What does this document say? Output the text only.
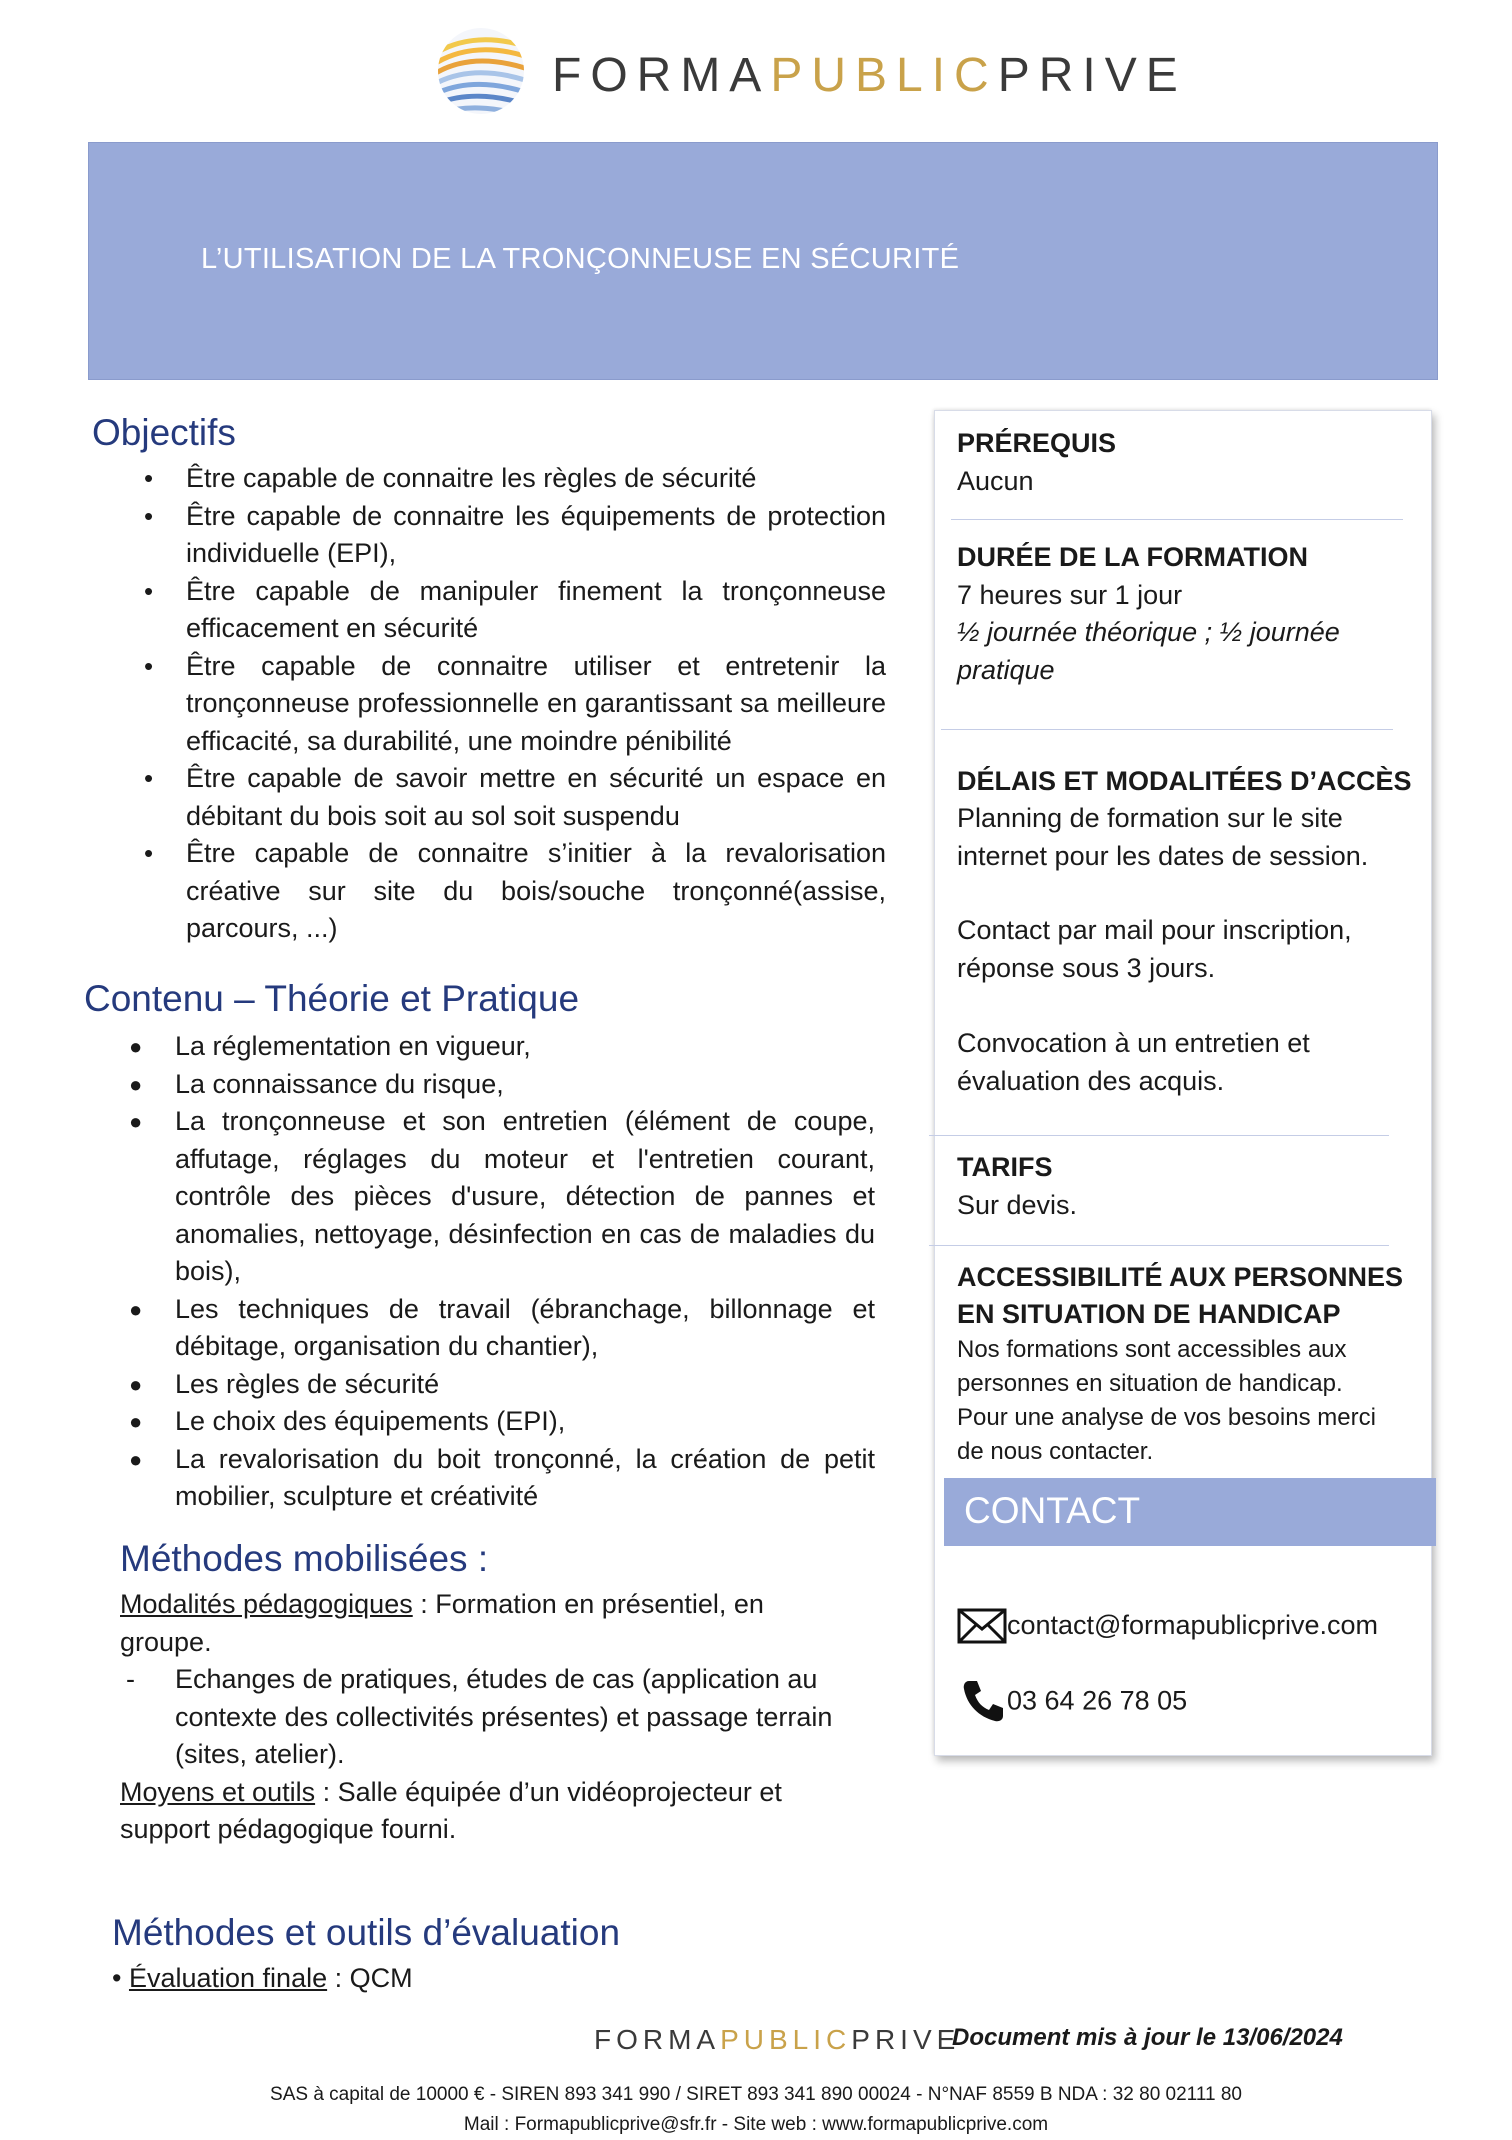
FORMAPUBLICPRIVE
L’UTILISATION DE LA TRONÇONNEUSE EN SÉCURITÉ
Objectifs
• Être capable de connaitre les règles de sécurité
• Être capable de connaitre les équipements de protection individuelle (EPI),
• Être capable de manipuler finement la tronçonneuse efficacement en sécurité
• Être capable de connaitre utiliser et entretenir la tronçonneuse professionnelle en garantissant sa meilleure efficacité, sa durabilité, une moindre pénibilité
• Être capable de savoir mettre en sécurité un espace en débitant du bois soit au sol soit suspendu
• Être capable de connaitre s’initier à la revalorisation créative sur site du bois/souche tronçonné(assise, parcours, ...)
Contenu – Théorie et Pratique
● La réglementation en vigueur,
● La connaissance du risque,
● La tronçonneuse et son entretien (élément de coupe, affutage, réglages du moteur et l'entretien courant, contrôle des pièces d'usure, détection de pannes et anomalies, nettoyage, désinfection en cas de maladies du bois),
● Les techniques de travail (ébranchage, billonnage et débitage, organisation du chantier),
● Les règles de sécurité
● Le choix des équipements (EPI),
● La revalorisation du boit tronçonné, la création de petit mobilier, sculpture et créativité
Méthodes mobilisées :
Modalités pédagogiques : Formation en présentiel, en groupe.
- Echanges de pratiques, études de cas (application au contexte des collectivités présentes) et passage terrain (sites, atelier).
Moyens et outils : Salle équipée d’un vidéoprojecteur et support pédagogique fourni.
Méthodes et outils d’évaluation
• Évaluation finale : QCM
PRÉREQUIS
Aucun
DURÉE DE LA FORMATION
7 heures sur 1 jour
½ journée théorique ; ½ journée pratique
DÉLAIS ET MODALITÉES D’ACCÈS
Planning de formation sur le site internet pour les dates de session.
Contact par mail pour inscription, réponse sous 3 jours.
Convocation à un entretien et évaluation des acquis.
TARIFS
Sur devis.
ACCESSIBILITÉ AUX PERSONNES EN SITUATION DE HANDICAP
Nos formations sont accessibles aux personnes en situation de handicap. Pour une analyse de vos besoins merci de nous contacter.
contact@formapublicprive.com
03 64 26 78 05
CONTACT
FORMAPUBLICPRIVE
Document mis à jour le 13/06/2024
SAS à capital de 10000 € - SIREN 893 341 990 / SIRET 893 341 890 00024 - N°NAF 8559 B NDA : 32 80 02111 80
Mail : Formapublicprive@sfr.fr - Site web : www.formapublicprive.com
